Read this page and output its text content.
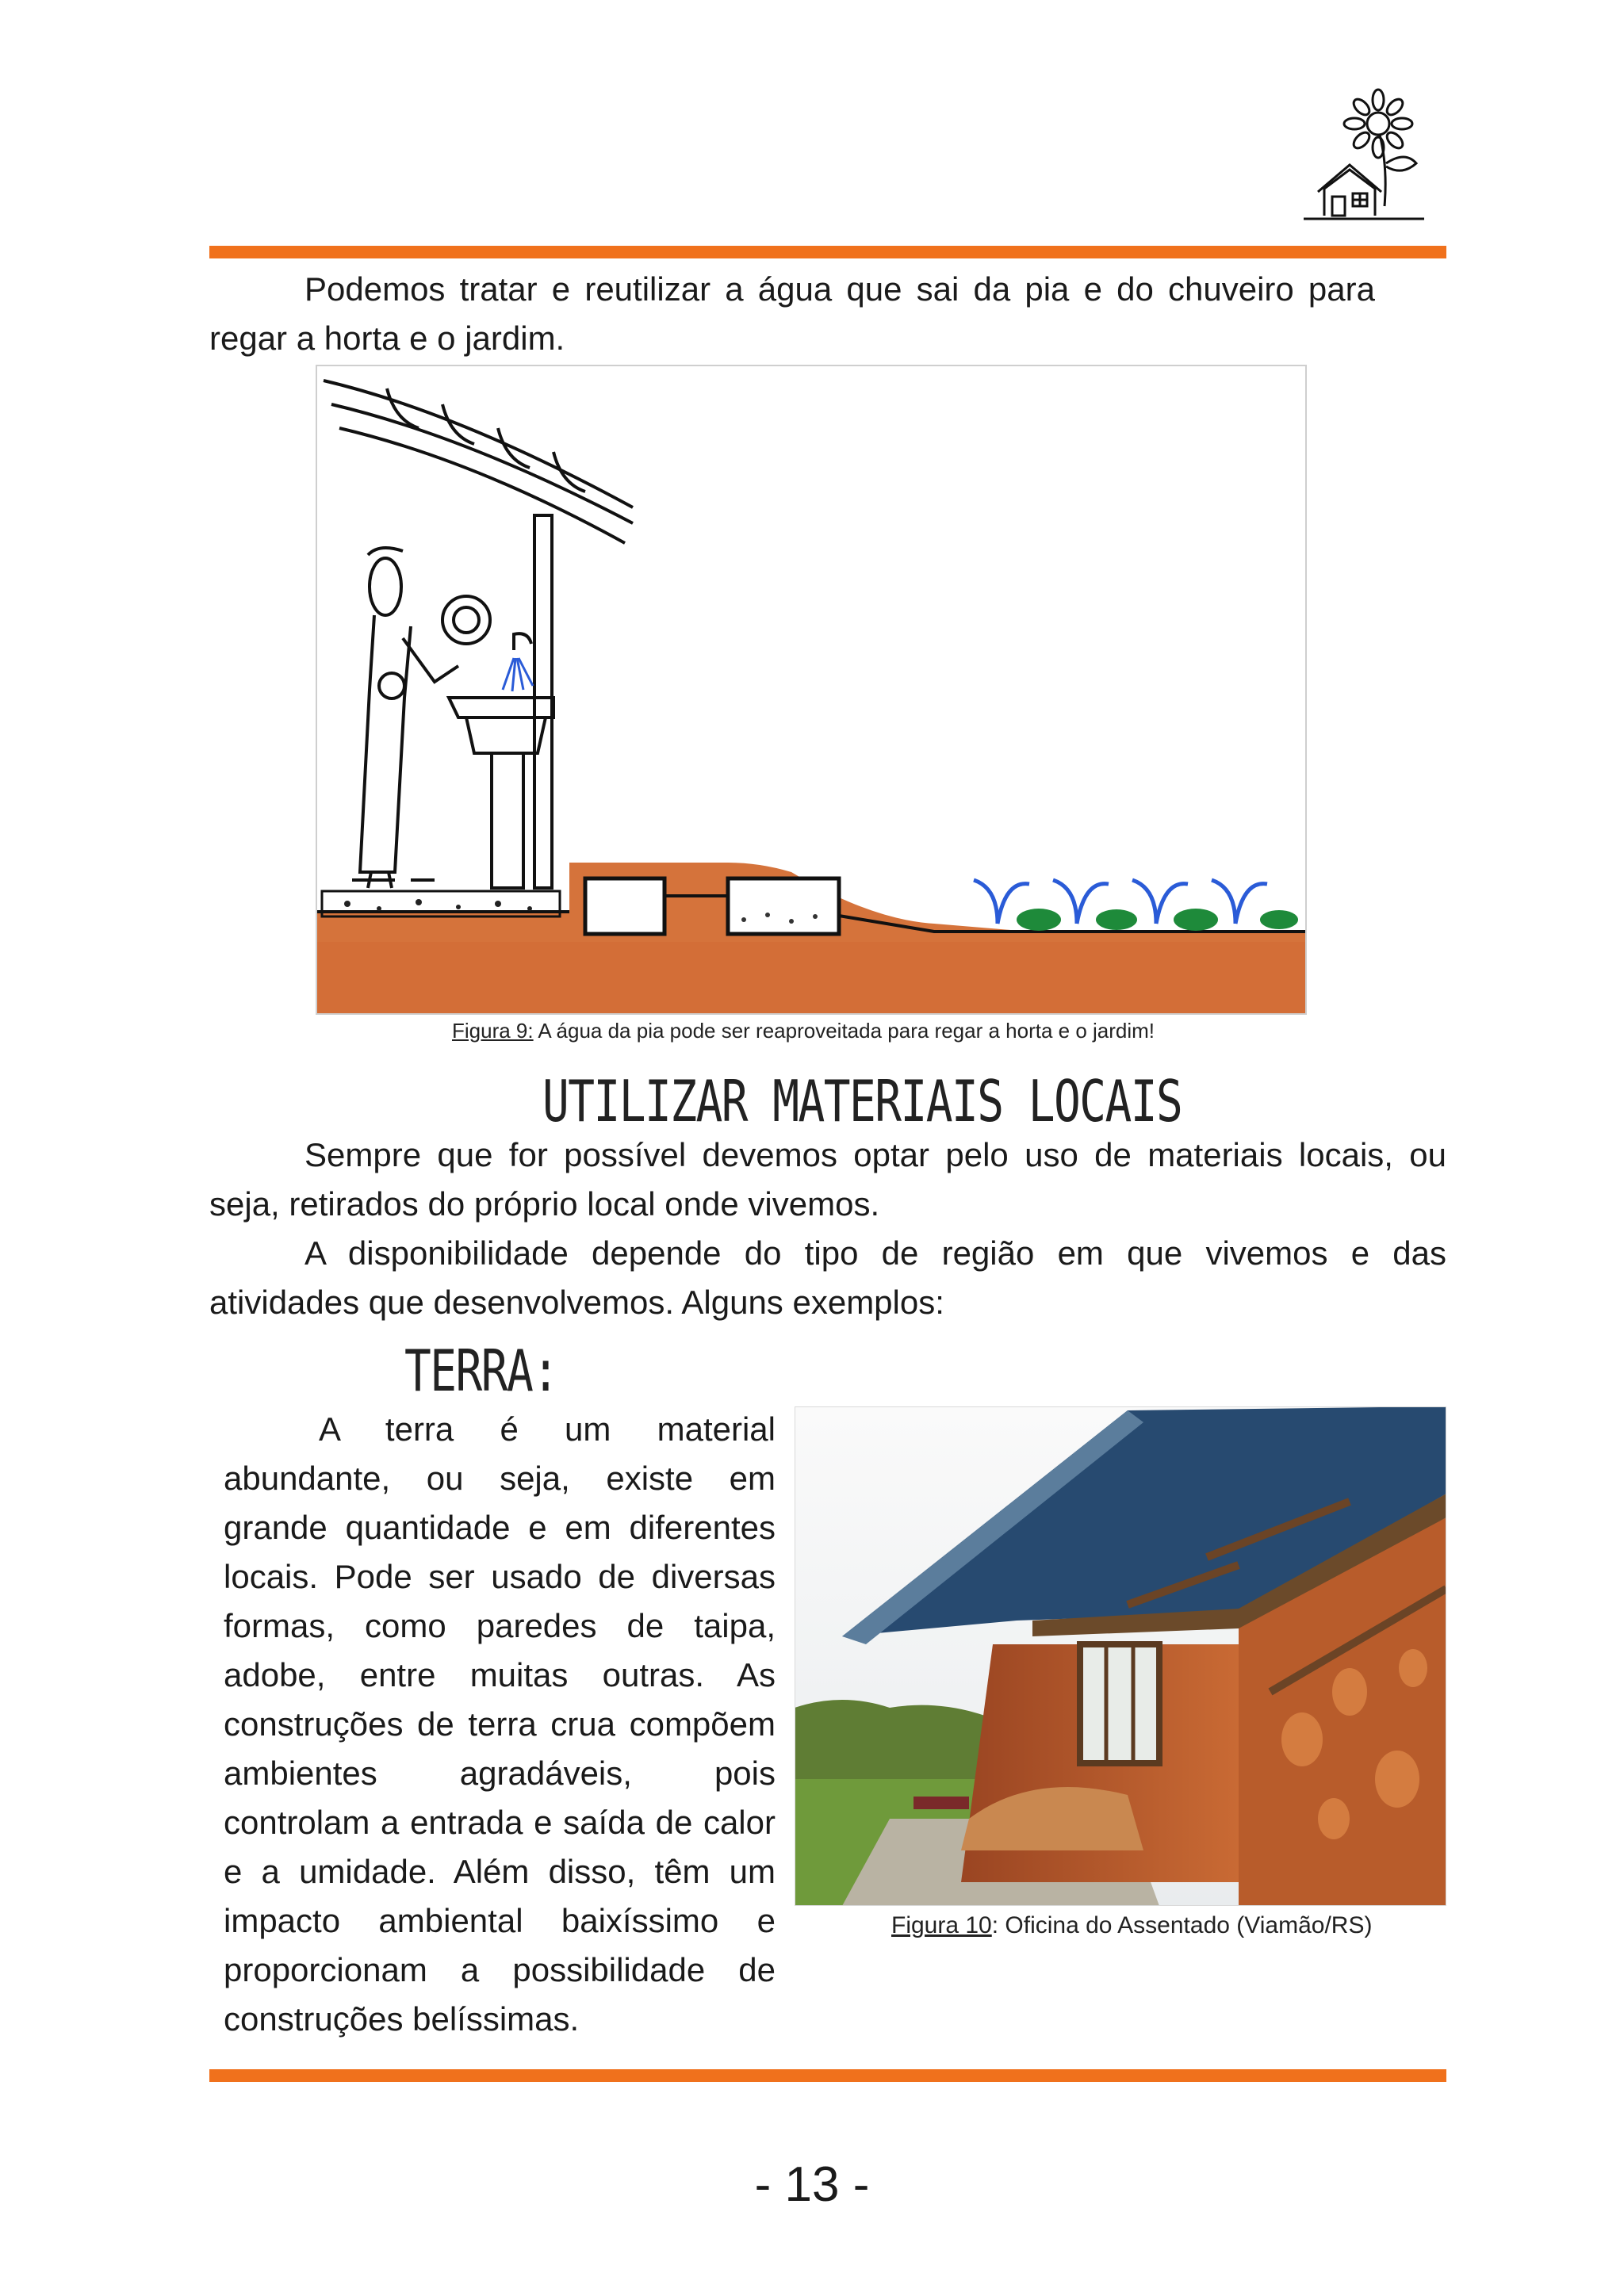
Podemos tratar e reutilizar a água que sai da pia e do chuveiro para regar a horta e o jardim.

Figura 9: A água da pia pode ser reaproveitada para regar a horta e o jardim!
UTILIZAR MATERIAIS LOCAIS

Sempre que for possível devemos optar pelo uso de materiais locais, ou seja, retirados do próprio local onde vivemos.

A disponibilidade depende do tipo de região em que vivemos e das atividades que desenvolvemos. Alguns exemplos:

TERRA:

A terra é um material abundante, ou seja, existe em grande quantidade e em diferentes locais. Pode ser usado de diversas formas, como paredes de taipa, adobe, entre muitas outras. As construções de terra crua compõem ambientes agradáveis, pois controlam a entrada e saída de calor e a umidade. Além disso, têm um impacto ambiental baixíssimo e proporcionam a possibilidade de construções belíssimas.

Figura 10: Oficina do Assentado (Viamão/RS)
- 13 -
